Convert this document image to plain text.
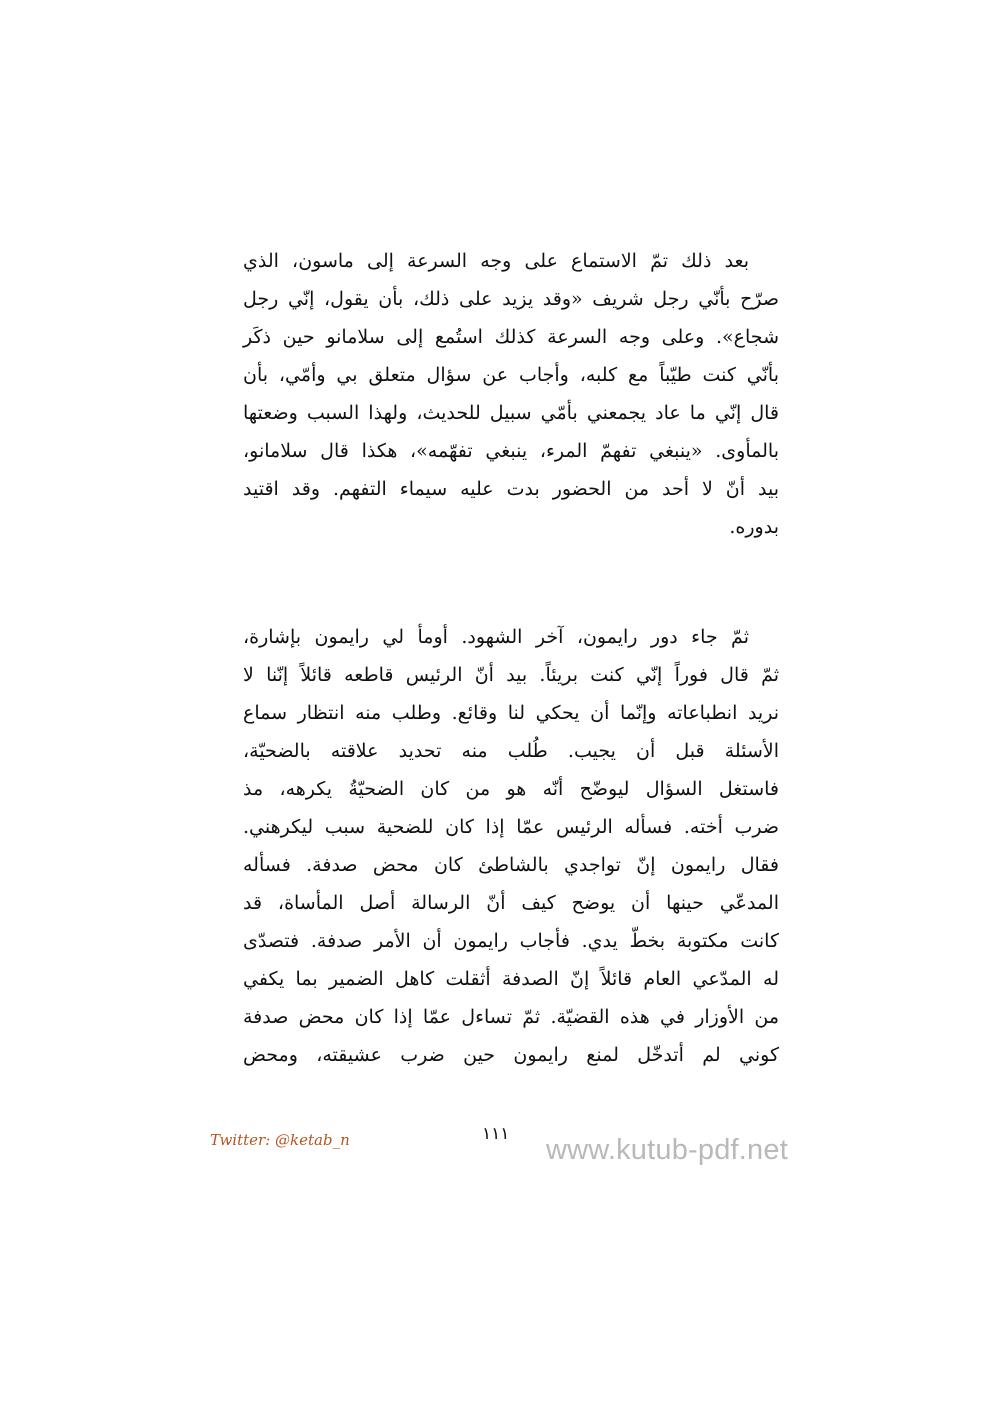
بعد ذلك تمّ الاستماع على وجه السرعة إلى ماسون، الذي
صرّح بأنّي رجل شريف «وقد يزيد على ذلك، بأن يقول، إنّي رجل
شجاع». وعلى وجه السرعة كذلك استُمع إلى سلامانو حين ذكَر
بأنّي كنت طيّباً مع كلبه، وأجاب عن سؤال متعلق بي وأمّي، بأن
قال إنّي ما عاد يجمعني بأمّي سبيل للحديث، ولهذا السبب وضعتها
بالمأوى. «ينبغي تفهمّ المرء، ينبغي تفهّمه»، هكذا قال سلامانو،
بيد أنّ لا أحد من الحضور بدت عليه سيماء التفهم. وقد اقتيد
بدوره.
ثمّ جاء دور رايمون، آخر الشهود. أومأ لي رايمون بإشارة،
ثمّ قال فوراً إنّي كنت بريئاً. بيد أنّ الرئيس قاطعه قائلاً إنّنا لا
نريد انطباعاته وإنّما أن يحكي لنا وقائع. وطلب منه انتظار سماع
الأسئلة قبل أن يجيب. طُلب منه تحديد علاقته بالضحيّة،
فاستغل السؤال ليوضّح أنّه هو من كان الضحيّةُ يكرهه، مذ
ضرب أخته. فسأله الرئيس عمّا إذا كان للضحية سبب ليكرهني.
فقال رايمون إنّ تواجدي بالشاطئ كان محض صدفة. فسأله
المدعّي حينها أن يوضح كيف أنّ الرسالة أصل المأساة، قد
كانت مكتوبة بخطّ يدي. فأجاب رايمون أن الأمر صدفة. فتصدّى
له المدّعي العام قائلاً إنّ الصدفة أثقلت كاهل الضمير بما يكفي
من الأوزار في هذه القضيّة. ثمّ تساءل عمّا إذا كان محض صدفة
كوني لم أتدخّل لمنع رايمون حين ضرب عشيقته، ومحض
Twitter: @ketab_n	١١١ www.kutub-pdf.net
